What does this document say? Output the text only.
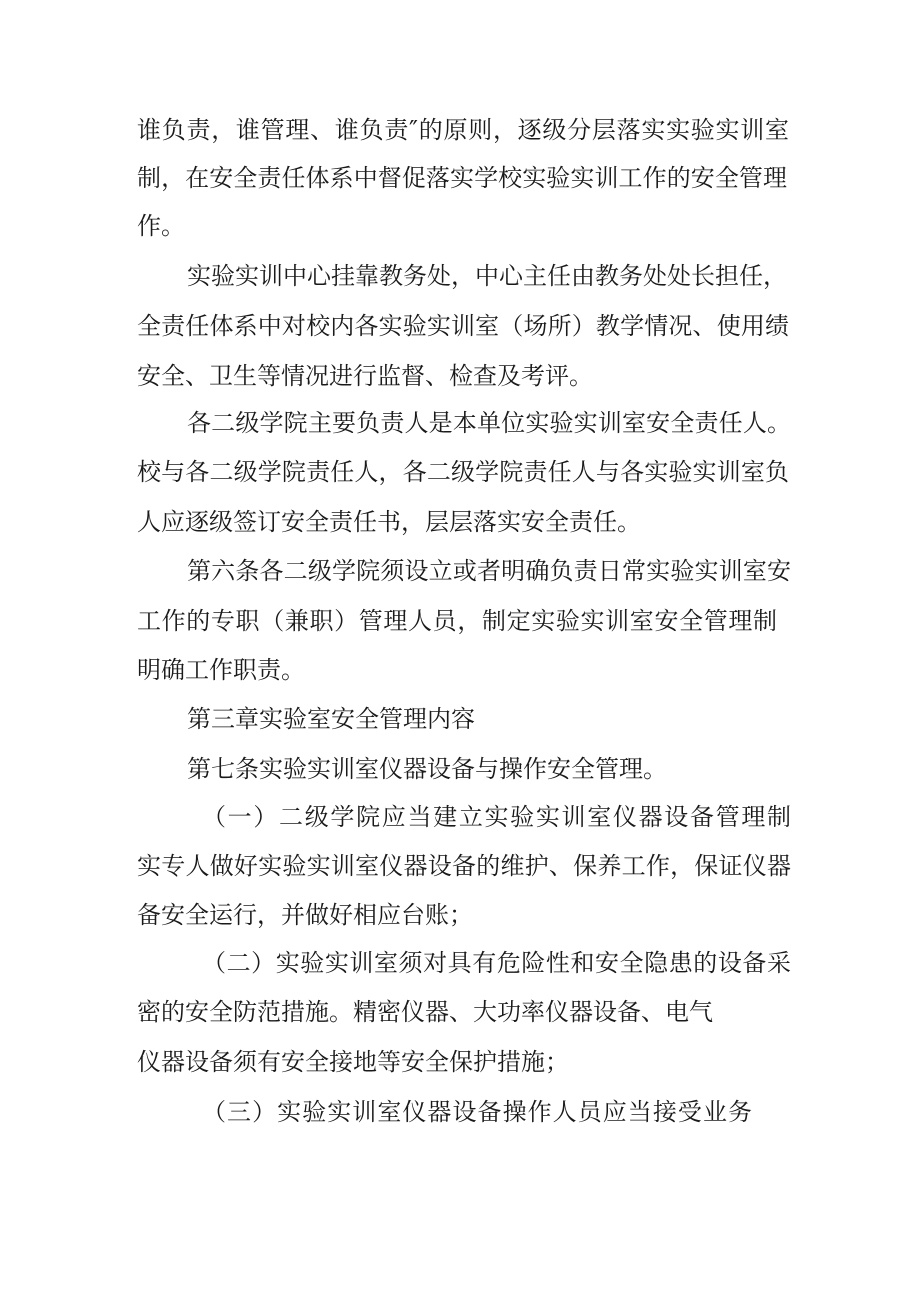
谁负责，谁管理、谁负责″的原则，逐级分层落实实验实训室
制，在安全责任体系中督促落实学校实验实训工作的安全管理
作。
实验实训中心挂靠教务处，中心主任由教务处处长担任，
全责任体系中对校内各实验实训室（场所）教学情况、使用绩
安全、卫生等情况进行监督、检查及考评。
各二级学院主要负责人是本单位实验实训室安全责任人。
校与各二级学院责任人，各二级学院责任人与各实验实训室负
人应逐级签订安全责任书，层层落实安全责任。
第六条各二级学院须设立或者明确负责日常实验实训室安
工作的专职（兼职）管理人员，制定实验实训室安全管理制
明确工作职责。
第三章实验室安全管理内容
第七条实验实训室仪器设备与操作安全管理。
（一）二级学院应当建立实验实训室仪器设备管理制
实专人做好实验实训室仪器设备的维护、保养工作，保证仪器
备安全运行，并做好相应台账；
（二）实验实训室须对具有危险性和安全隐患的设备采
密的安全防范措施。精密仪器、大功率仪器设备、电气
仪器设备须有安全接地等安全保护措施；
（三）实验实训室仪器设备操作人员应当接受业务
